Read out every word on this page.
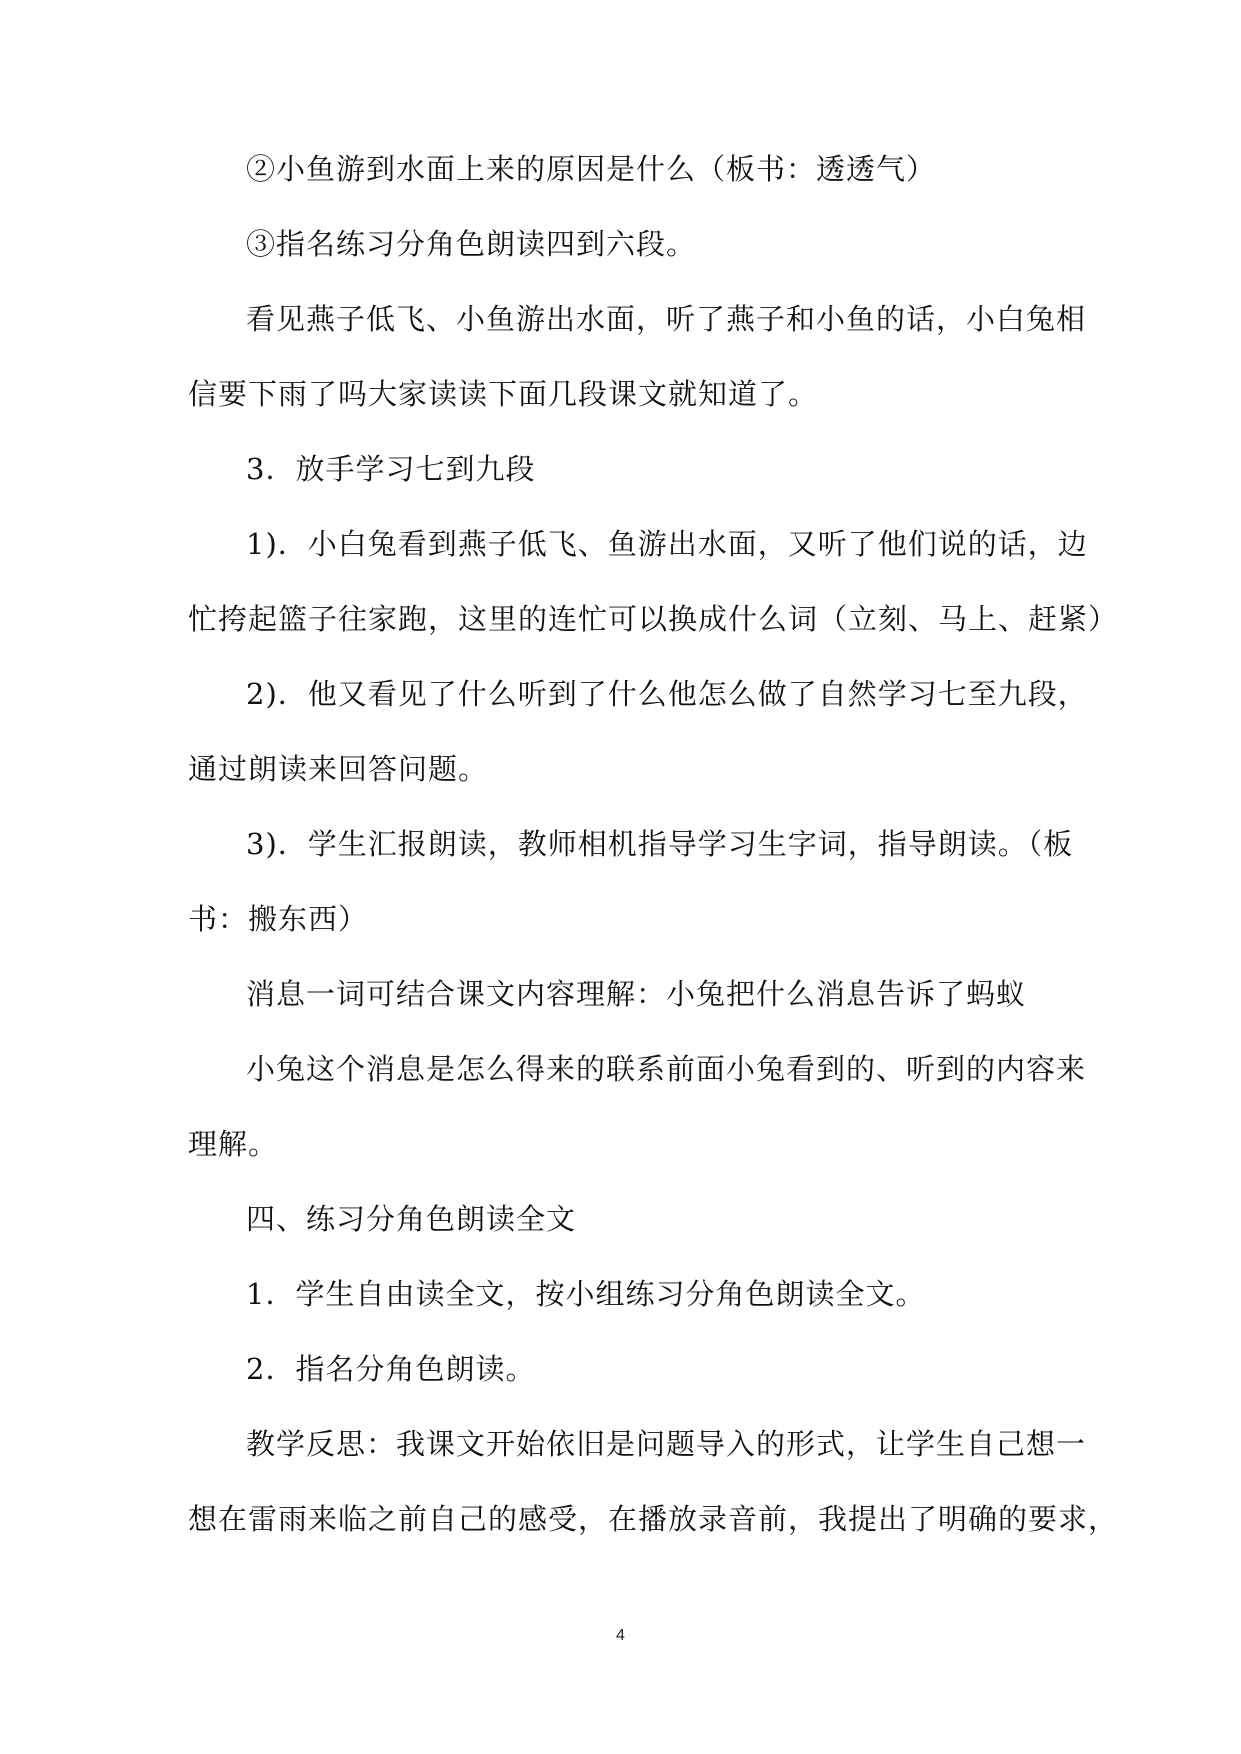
②小鱼游到水面上来的原因是什么（板书：透透气）
③指名练习分角色朗读四到六段。
看见燕子低飞、小鱼游出水面，听了燕子和小鱼的话，小白兔相
信要下雨了吗大家读读下面几段课文就知道了。
3．放手学习七到九段
1)．小白兔看到燕子低飞、鱼游出水面，又听了他们说的话，边
忙挎起篮子往家跑，这里的连忙可以换成什么词（立刻、马上、赶紧）
2)．他又看见了什么听到了什么他怎么做了自然学习七至九段，
通过朗读来回答问题。
3)．学生汇报朗读，教师相机指导学习生字词，指导朗读。（板
书：搬东西）
消息一词可结合课文内容理解：小兔把什么消息告诉了蚂蚁
小兔这个消息是怎么得来的联系前面小兔看到的、听到的内容来
理解。
四、练习分角色朗读全文
1．学生自由读全文，按小组练习分角色朗读全文。
2．指名分角色朗读。
教学反思：我课文开始依旧是问题导入的形式，让学生自己想一
想在雷雨来临之前自己的感受，在播放录音前，我提出了明确的要求，
4
